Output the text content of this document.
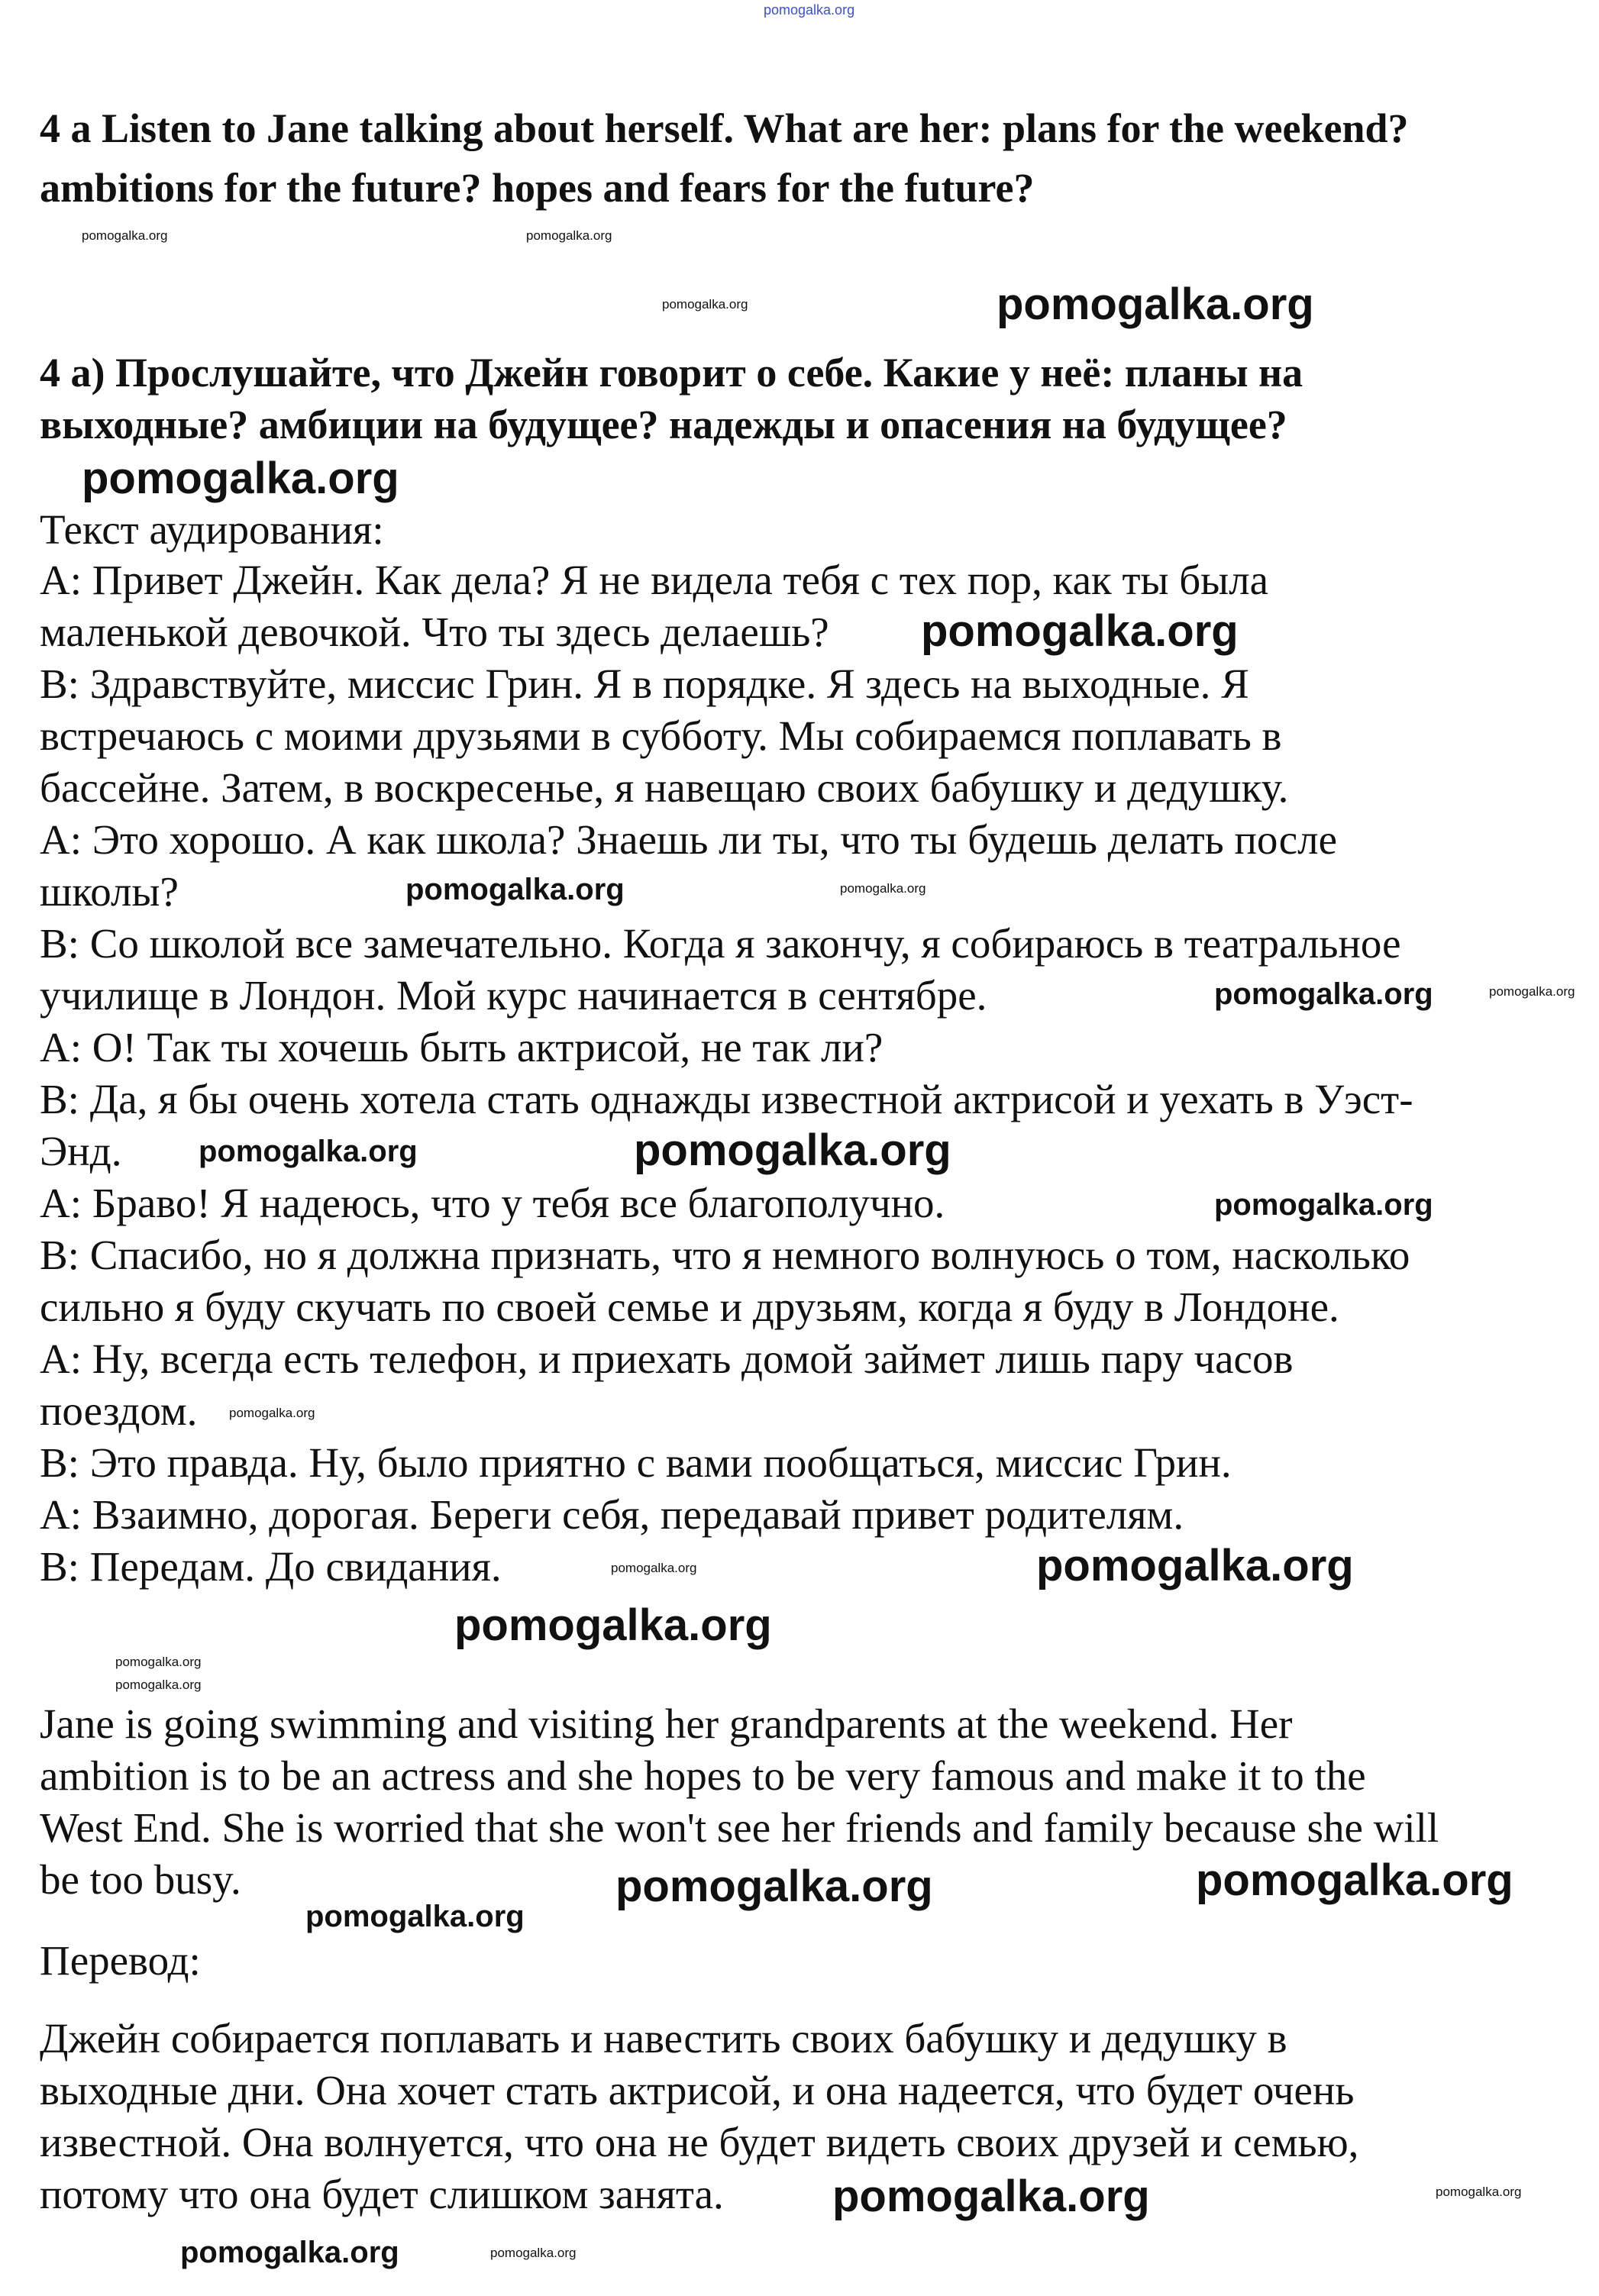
4 a Listen to Jane talking about herself. What are her: plans for the weekend?
ambitions for the future? hopes and fears for the future?
4 а) Прослушайте, что Джейн говорит о себе. Какие у неё: планы на
выходные? амбиции на будущее? надежды и опасения на будущее?
Текст аудирования:
А: Привет Джейн. Как дела? Я не видела тебя с тех пор, как ты была
маленькой девочкой. Что ты здесь делаешь?
В: Здравствуйте, миссис Грин. Я в порядке. Я здесь на выходные. Я
встречаюсь с моими друзьями в субботу. Мы собираемся поплавать в
бассейне. Затем, в воскресенье, я навещаю своих бабушку и дедушку.
А: Это хорошо. А как школа? Знаешь ли ты, что ты будешь делать после
школы?
В: Со школой все замечательно. Когда я закончу, я собираюсь в театральное
училище в Лондон. Мой курс начинается в сентябре.
А: О! Так ты хочешь быть актрисой, не так ли?
В: Да, я бы очень хотела стать однажды известной актрисой и уехать в Уэст-
Энд.
А: Браво! Я надеюсь, что у тебя все благополучно.
В: Спасибо, но я должна признать, что я немного волнуюсь о том, насколько
сильно я буду скучать по своей семье и друзьям, когда я буду в Лондоне.
А: Ну, всегда есть телефон, и приехать домой займет лишь пару часов
поездом.
В: Это правда. Ну, было приятно с вами пообщаться, миссис Грин.
А: Взаимно, дорогая. Береги себя, передавай привет родителям.
В: Передам. До свидания.
Jane is going swimming and visiting her grandparents at the weekend. Her
ambition is to be an actress and she hopes to be very famous and make it to the
West End. She is worried that she won't see her friends and family because she will
be too busy.
Перевод:
Джейн собирается поплавать и навестить своих бабушку и дедушку в
выходные дни. Она хочет стать актрисой, и она надеется, что будет очень
известной. Она волнуется, что она не будет видеть своих друзей и семью,
потому что она будет слишком занята.
pomogalka.org
pomogalka.org	pomogalka.org
pomogalka.org
pomogalka.org
pomogalka.org
pomogalka.org
pomogalka.org
pomogalka.org
pomogalka.org
pomogalka.org
pomogalka.org	pomogalka.org
pomogalka.org
pomogalka.org
pomogalka.org	pomogalka.org
pomogalka.org
pomogalka.org
pomogalka.org
pomogalka.org	pomogalka.org
pomogalka.org
pomogalka.org	pomogalka.org
pomogalka.org
pomogalka.org
